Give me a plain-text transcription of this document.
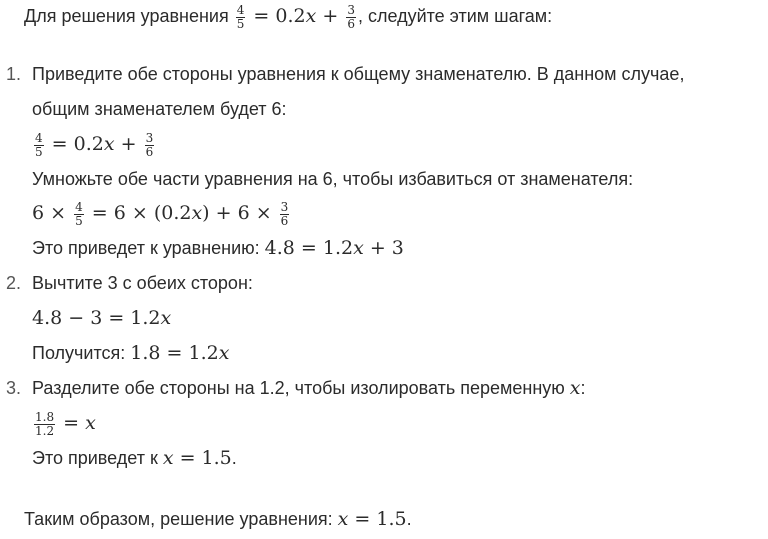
Для решения уравнения $\frac{4}{5} = 0.2x + \frac{3}{6}$ , следуйте этим шагам:
1. Приведите обе стороны уравнения к общему знаменателю. В данном случае,
общим знаменателем будет 6:
$\frac{4}{5} = 0.2x + \frac{3}{6}$
Умножьте обе части уравнения на 6, чтобы избавиться от знаменателя:
$6 \times \frac{4}{5} = 6 \times (0.2x) + 6 \times \frac{3}{6}$
Это приведет к уравнению: 4.8 = 1.2x + 3
2. Вычтите 3 с обеих сторон:
4.8 − 3 = 1.2x
Получится: 1.8 = 1.2x
3. Разделите обе стороны на 1.2, чтобы изолировать переменную x:
$\frac{1.8}{1.2} = x$
Это приведет к x = 1.5.
Таким образом, решение уравнения: x = 1.5.
